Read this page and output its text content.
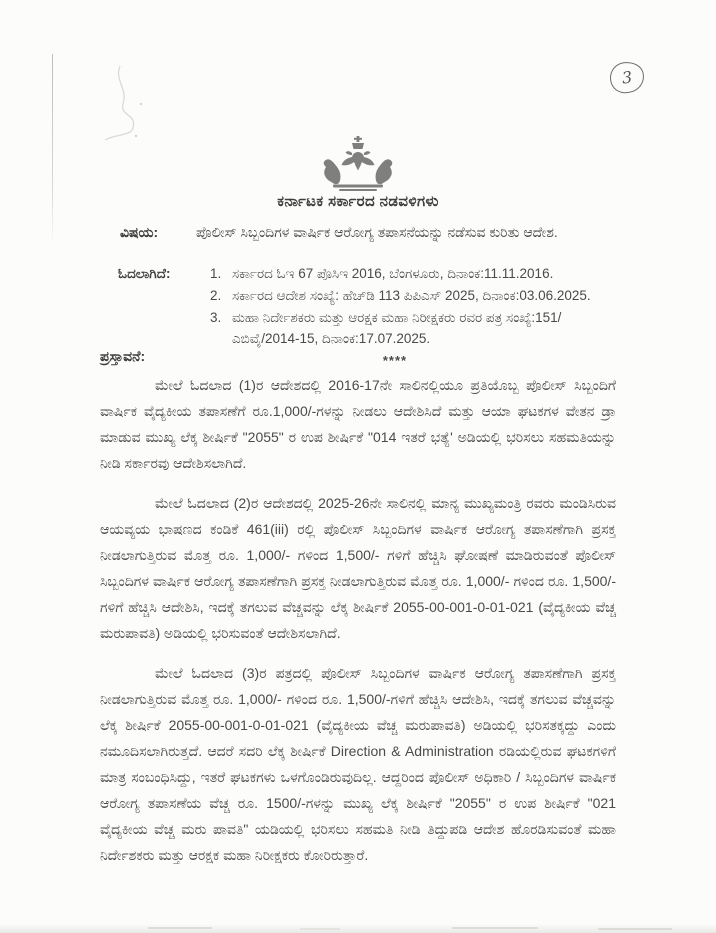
3
ಕರ್ನಾಟಕ ಸರ್ಕಾರದ ನಡವಳಿಗಳು
ವಿಷಯ:	ಪೊಲೀಸ್ ಸಿಬ್ಬಂದಿಗಳ ವಾರ್ಷಿಕ ಆರೋಗ್ಯ ತಪಾಸನೆಯನ್ನು ನಡೆಸುವ ಕುರಿತು ಆದೇಶ.
ಓದಲಾಗಿದೆ:	1. ಸರ್ಕಾರದ ಓಇ 67 ಪೊಸಿಇ 2016, ಬೆಂಗಳೂರು, ದಿನಾಂಕ:11.11.2016.
2. ಸರ್ಕಾರದ ಆದೇಶ ಸಂಖ್ಯೆ: ಹೆಚ್‌ಡಿ 113 ಪಿಪಿಎಸ್ 2025, ದಿನಾಂಕ:03.06.2025.
3. ಮಹಾ ನಿರ್ದೇಶಕರು ಮತ್ತು ಆರಕ್ಷಕ ಮಹಾ ನಿರೀಕ್ಷಕರು ರವರ ಪತ್ರ ಸಂಖ್ಯೆ:151/ಎಬಿವೈ/2014-15, ದಿನಾಂಕ:17.07.2025.
****
ಪ್ರಸ್ತಾವನೆ:

ಮೇಲೆ ಓದಲಾದ (1)ರ ಆದೇಶದಲ್ಲಿ 2016-17ನೇ ಸಾಲಿನಲ್ಲಿಯೂ ಪ್ರತಿಯೊಬ್ಬ ಪೊಲೀಸ್ ಸಿಬ್ಬಂದಿಗೆ ವಾರ್ಷಿಕ ವೈದ್ಯಕೀಯ ತಪಾಸಣೆಗೆ ರೂ.1,000/-ಗಳನ್ನು ನೀಡಲು ಆದೇಶಿಸಿದೆ ಮತ್ತು ಆಯಾ ಘಟಕಗಳ ವೇತನ ಡ್ರಾ ಮಾಡುವ ಮುಖ್ಯ ಲೆಕ್ಕ ಶೀರ್ಷಿಕೆ "2055" ರ ಉಪ ಶೀರ್ಷಿಕೆ "014 ಇತರೆ ಭತ್ಯೆ' ಅಡಿಯಲ್ಲಿ ಭರಿಸಲು ಸಹಮತಿಯನ್ನು ನೀಡಿ ಸರ್ಕಾರವು ಆದೇಶಿಸಲಾಗಿದೆ.

ಮೇಲೆ ಓದಲಾದ (2)ರ ಆದೇಶದಲ್ಲಿ 2025-26ನೇ ಸಾಲಿನಲ್ಲಿ ಮಾನ್ಯ ಮುಖ್ಯಮಂತ್ರಿ ರವರು ಮಂಡಿಸಿರುವ ಆಯವ್ಯಯ ಭಾಷಣದ ಕಂಡಿಕೆ 461(iii) ರಲ್ಲಿ ಪೊಲೀಸ್ ಸಿಬ್ಬಂದಿಗಳ ವಾರ್ಷಿಕ ಆರೋಗ್ಯ ತಪಾಸಣೆಗಾಗಿ ಪ್ರಸಕ್ತ ನೀಡಲಾಗುತ್ತಿರುವ ಮೊತ್ತ ರೂ. 1,000/- ಗಳಿಂದ 1,500/- ಗಳಿಗೆ ಹೆಚ್ಚಿಸಿ ಘೋಷಣೆ ಮಾಡಿರುವಂತೆ ಪೊಲೀಸ್ ಸಿಬ್ಬಂದಿಗಳ ವಾರ್ಷಿಕ ಆರೋಗ್ಯ ತಪಾಸಣೆಗಾಗಿ ಪ್ರಸಕ್ತ ನೀಡಲಾಗುತ್ತಿರುವ ಮೊತ್ತ ರೂ. 1,000/- ಗಳಿಂದ ರೂ. 1,500/- ಗಳಿಗೆ ಹೆಚ್ಚಿಸಿ ಆದೇಶಿಸಿ, ಇದಕ್ಕೆ ತಗಲುವ ವೆಚ್ಚವನ್ನು ಲೆಕ್ಕ ಶೀರ್ಷಿಕೆ 2055-00-001-0-01-021 (ವೈದ್ಯಕೀಯ ವೆಚ್ಚ ಮರುಪಾವತಿ) ಅಡಿಯಲ್ಲಿ ಭರಿಸುವಂತೆ ಆದೇಶಿಸಲಾಗಿದೆ.

ಮೇಲೆ ಓದಲಾದ (3)ರ ಪತ್ರದಲ್ಲಿ ಪೊಲೀಸ್ ಸಿಬ್ಬಂದಿಗಳ ವಾರ್ಷಿಕ ಆರೋಗ್ಯ ತಪಾಸಣೆಗಾಗಿ ಪ್ರಸಕ್ತ ನೀಡಲಾಗುತ್ತಿರುವ ಮೊತ್ತ ರೂ. 1,000/- ಗಳಿಂದ ರೂ. 1,500/-ಗಳಿಗೆ ಹೆಚ್ಚಿಸಿ ಆದೇಶಿಸಿ, ಇದಕ್ಕೆ ತಗಲುವ ವೆಚ್ಚವನ್ನು ಲೆಕ್ಕ ಶೀರ್ಷಿಕೆ 2055-00-001-0-01-021 (ವೈದ್ಯಕೀಯ ವೆಚ್ಚ ಮರುಪಾವತಿ) ಅಡಿಯಲ್ಲಿ ಭರಿಸತಕ್ಕದ್ದು ಎಂದು ನಮೂದಿಸಲಾಗಿರುತ್ತದೆ. ಆದರೆ ಸದರಿ ಲೆಕ್ಕ ಶೀರ್ಷಿಕೆ Direction & Administration ರಡಿಯಲ್ಲಿರುವ ಘಟಕಗಳಿಗೆ ಮಾತ್ರ ಸಂಬಂಧಿಸಿದ್ದು, ಇತರೆ ಘಟಕಗಳು ಒಳಗೊಂಡಿರುವುದಿಲ್ಲ. ಆದ್ದರಿಂದ ಪೊಲೀಸ್ ಅಧಿಕಾರಿ / ಸಿಬ್ಬಂದಿಗಳ ವಾರ್ಷಿಕ ಆರೋಗ್ಯ ತಪಾಸಣೆಯ ವೆಚ್ಚ ರೂ. 1500/-ಗಳನ್ನು ಮುಖ್ಯ ಲೆಕ್ಕ ಶೀರ್ಷಿಕೆ "2055" ರ ಉಪ ಶೀರ್ಷಿಕೆ "021 ವೈದ್ಯಕೀಯ ವೆಚ್ಚ ಮರು ಪಾವತಿ" ಯಡಿಯಲ್ಲಿ ಭರಿಸಲು ಸಹಮತಿ ನೀಡಿ ತಿದ್ದುಪಡಿ ಆದೇಶ ಹೊರಡಿಸುವಂತೆ ಮಹಾ ನಿರ್ದೇಶಕರು ಮತ್ತು ಆರಕ್ಷಕ ಮಹಾ ನಿರೀಕ್ಷಕರು ಕೋರಿರುತ್ತಾರೆ.
